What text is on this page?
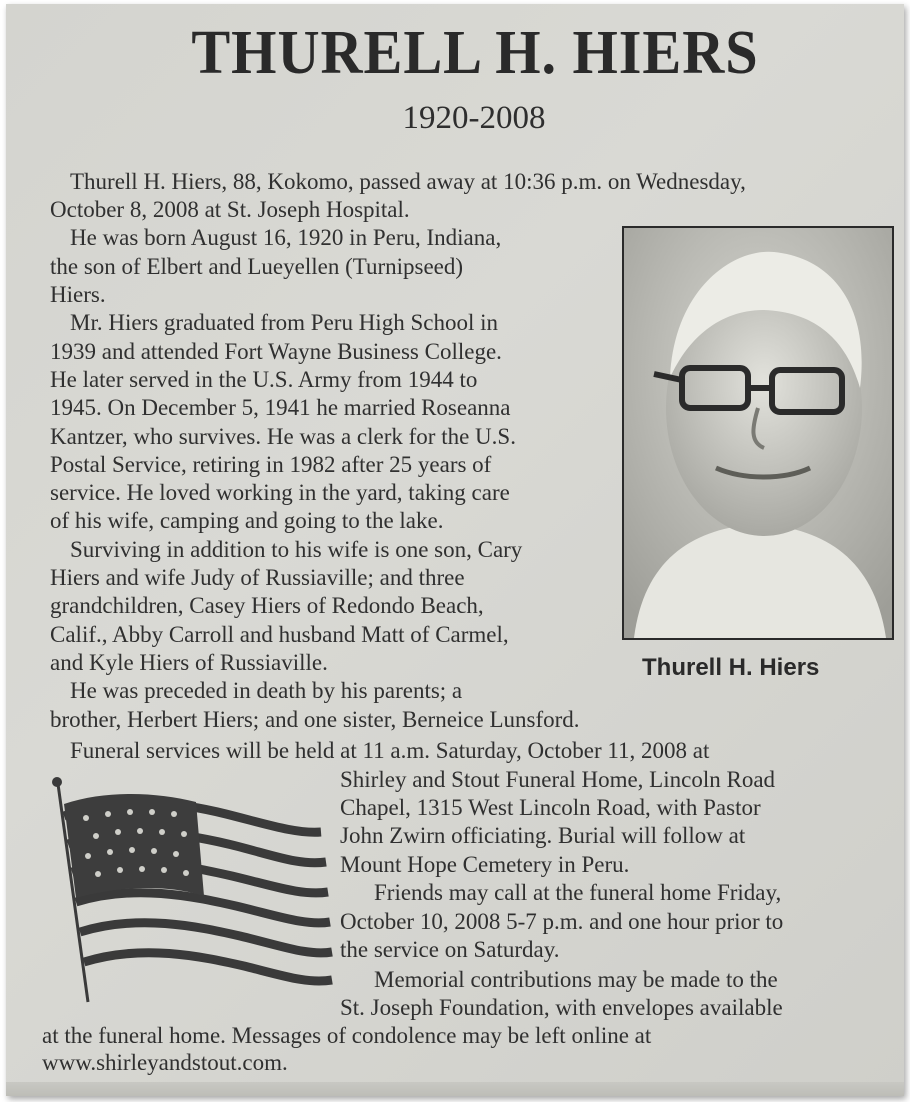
THURELL H. HIERS
1920-2008

Thurell H. Hiers, 88, Kokomo, passed away at 10:36 p.m. on Wednesday,

October 8, 2008 at St. Joseph Hospital.

He was born August 16, 1920 in Peru, Indiana,

the son of Elbert and Lueyellen (Turnipseed)

Hiers.

Mr. Hiers graduated from Peru High School in

1939 and attended Fort Wayne Business College.

He later served in the U.S. Army from 1944 to

1945. On December 5, 1941 he married Roseanna

Kantzer, who survives. He was a clerk for the U.S.

Postal Service, retiring in 1982 after 25 years of

service. He loved working in the yard, taking care

of his wife, camping and going to the lake.

Surviving in addition to his wife is one son, Cary

Hiers and wife Judy of Russiaville; and three

grandchildren, Casey Hiers of Redondo Beach,

Calif., Abby Carroll and husband Matt of Carmel,

and Kyle Hiers of Russiaville.

He was preceded in death by his parents; a

brother, Herbert Hiers; and one sister, Berneice Lunsford.

Funeral services will be held at 11 a.m. Saturday, October 11, 2008 at

Shirley and Stout Funeral Home, Lincoln Road

Chapel, 1315 West Lincoln Road, with Pastor

John Zwirn officiating. Burial will follow at

Mount Hope Cemetery in Peru.

Friends may call at the funeral home Friday,

October 10, 2008 5-7 p.m. and one hour prior to

the service on Saturday.

Memorial contributions may be made to the

St. Joseph Foundation, with envelopes available

at the funeral home. Messages of condolence may be left online at

www.shirleyandstout.com.

Thurell H. Hiers
